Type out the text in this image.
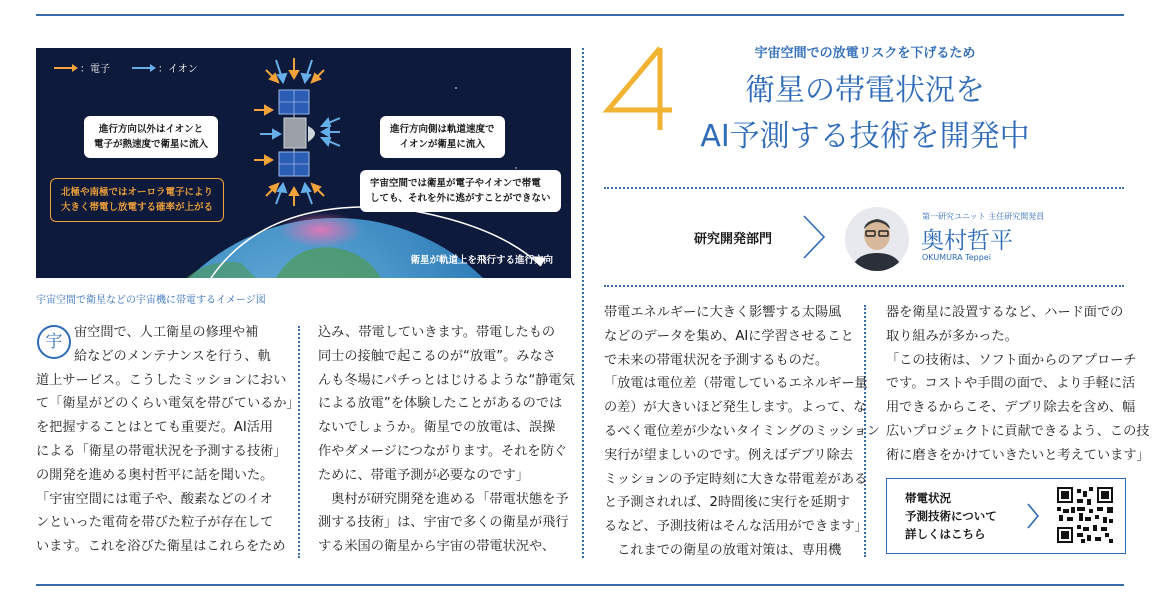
：電子	：イオン
進行方向以外はイオンと
電子が熱速度で衛星に流入
進行方向側は軌道速度で
イオンが衛星に流入
北極や南極ではオーロラ電子により
大きく帯電し放電する確率が上がる
宇宙空間では衛星が電子やイオンで帯電
しても、それを外に逃がすことができない
衛星が軌道上を飛行する進行方向
宇宙空間で衛星などの宇宙機に帯電するイメージ図
4
宇宙空間での放電リスクを下げるため
衛星の帯電状況を
AI予測する技術を開発中
研究開発部門
第一研究ユニット 主任研究開発員
奥村哲平
OKUMURA Teppei
宇 宙空間で、人工衛星の修理や補
給などのメンテナンスを行う、軌
道上サービス。こうしたミッションにおい
て「衛星がどのくらい電気を帯びているか」
を把握することはとても重要だ。AI活用
による「衛星の帯電状況を予測する技術」
の開発を進める奥村哲平に話を聞いた。
「宇宙空間には電子や、酸素などのイオ
ンといった電荷を帯びた粒子が存在して
います。これを浴びた衛星はこれらをため
込み、帯電していきます。帯電したもの
同士の接触で起こるのが“放電”。みなさ
んも冬場にパチっとはじけるような“静電気
による放電”を体験したことがあるのでは
ないでしょうか。衛星での放電は、誤操
作やダメージにつながります。それを防ぐ
ために、帯電予測が必要なのです」
　奥村が研究開発を進める「帯電状態を予
測する技術」は、宇宙で多くの衛星が飛行
する米国の衛星から宇宙の帯電状況や、
帯電エネルギーに大きく影響する太陽風
などのデータを集め、AIに学習させること
で未来の帯電状況を予測するものだ。
「放電は電位差（帯電しているエネルギー量
の差）が大きいほど発生します。よって、な
るべく電位差が少ないタイミングのミッション
実行が望ましいのです。例えばデブリ除去
ミッションの予定時刻に大きな帯電差がある
と予測されれば、2時間後に実行を延期す
るなど、予測技術はそんな活用ができます」
　これまでの衛星の放電対策は、専用機
器を衛星に設置するなど、ハード面での
取り組みが多かった。
「この技術は、ソフト面からのアプローチ
です。コストや手間の面で、より手軽に活
用できるからこそ、デブリ除去を含め、幅
広いプロジェクトに貢献できるよう、この技
術に磨きをかけていきたいと考えています」
帯電状況
予測技術について
詳しくはこちら
